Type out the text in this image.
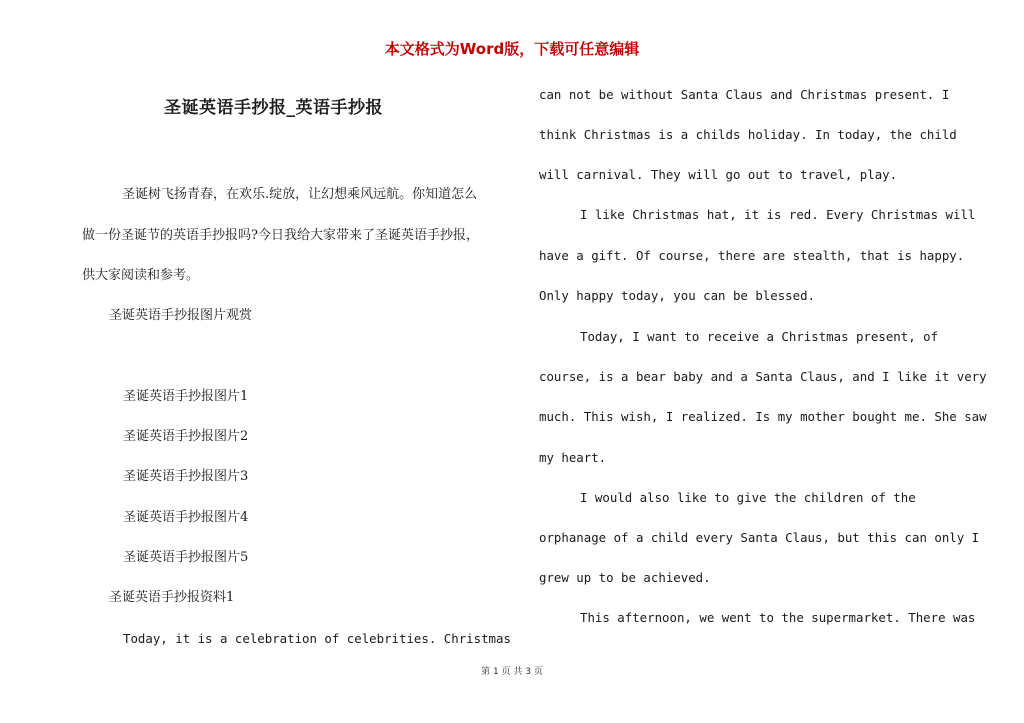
本文格式为Word版，下载可任意编辑
圣诞英语手抄报_英语手抄报
圣诞树飞扬青春，在欢乐.绽放，让幻想乘风远航。你知道怎么
做一份圣诞节的英语手抄报吗?今日我给大家带来了圣诞英语手抄报，
供大家阅读和参考。
圣诞英语手抄报图片观赏
圣诞英语手抄报图片1
圣诞英语手抄报图片2
圣诞英语手抄报图片3
圣诞英语手抄报图片4
圣诞英语手抄报图片5
圣诞英语手抄报资料1
Today, it is a celebration of celebrities. Christmas
can not be without Santa Claus and Christmas present. I
think Christmas is a childs holiday. In today, the child
will carnival. They will go out to travel, play.
I like Christmas hat, it is red. Every Christmas will
have a gift. Of course, there are stealth, that is happy.
Only happy today, you can be blessed.
Today, I want to receive a Christmas present, of
course, is a bear baby and a Santa Claus, and I like it very
much. This wish, I realized. Is my mother bought me. She saw
my heart.
I would also like to give the children of the
orphanage of a child every Santa Claus, but this can only I
grew up to be achieved.
This afternoon, we went to the supermarket. There was
第 1 页 共 3 页
